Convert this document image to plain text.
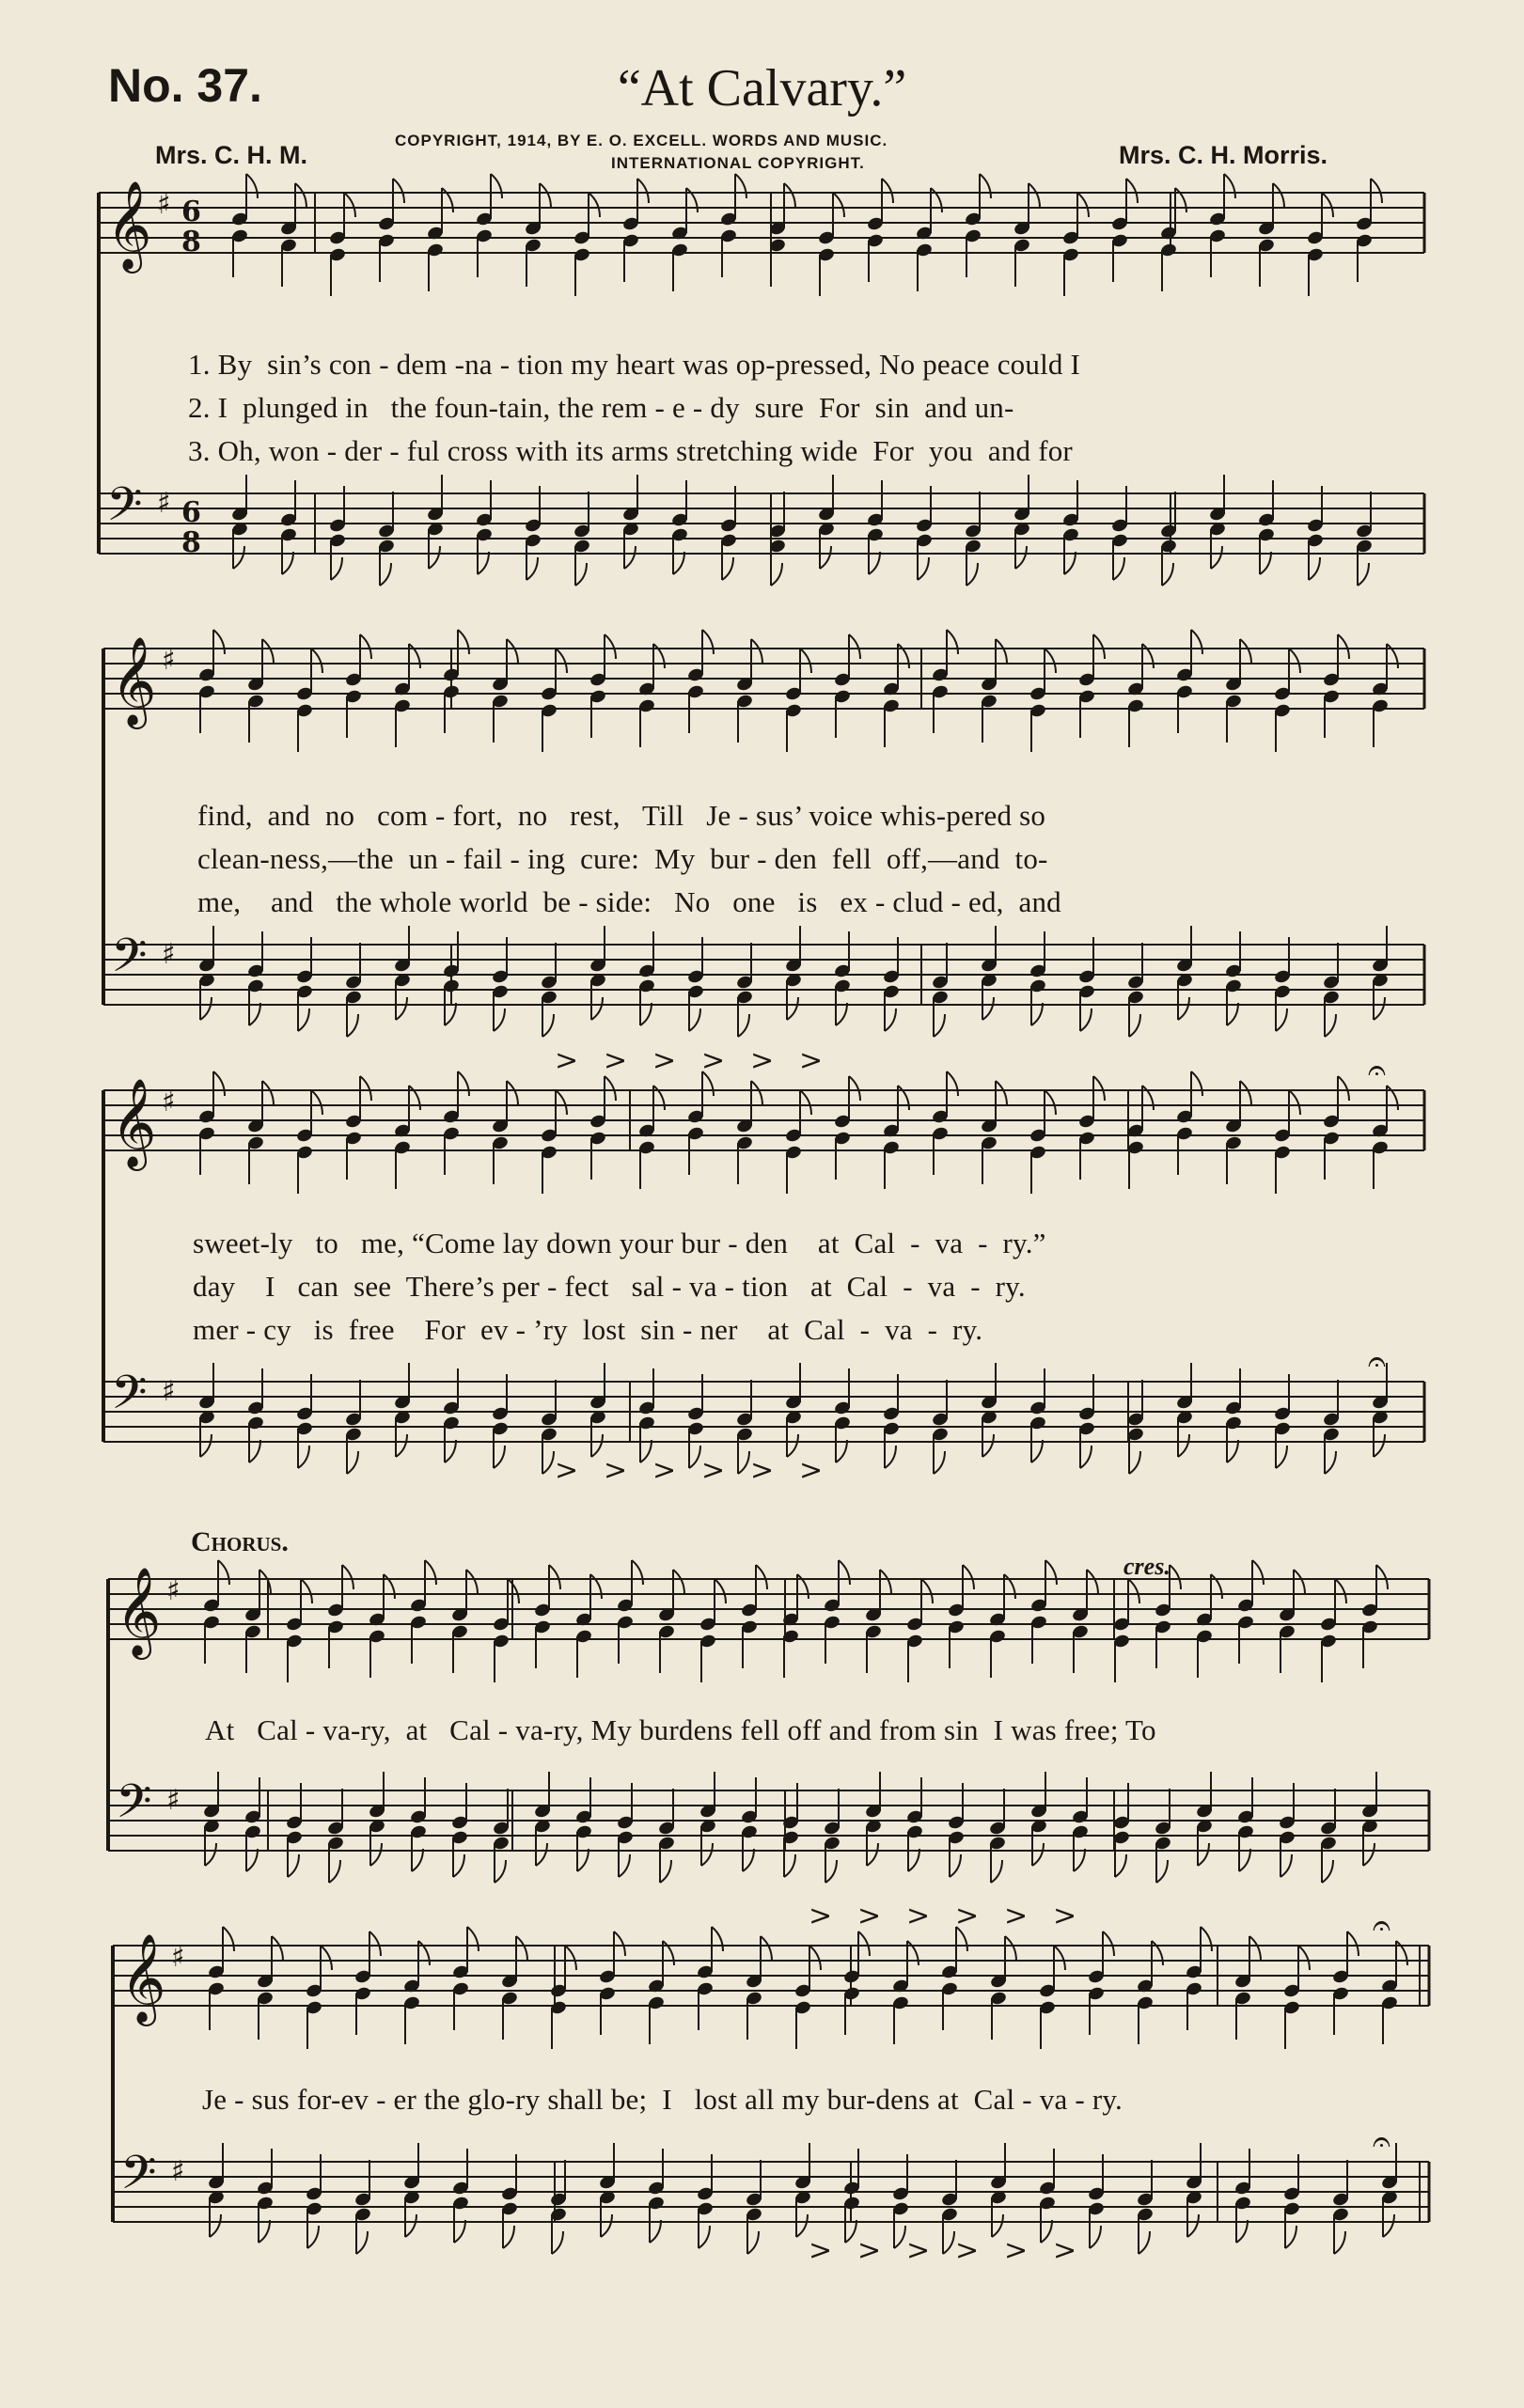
No. 37.	“At Calvary.”
Mrs. C. H. M.	Mrs. C. H. Morris.
COPYRIGHT, 1914, BY E. O. EXCELL. WORDS AND MUSIC.
INTERNATIONAL COPYRIGHT.
𝄞 ♯ 6
8
𝄢 ♯ 6
8
𝄞 ♯
𝄢 ♯
𝄞 ♯
𝄢 ♯
𝄐
𝄐
>
>
>
>
>
>
>
>
>
>
>
>
𝄞 ♯
𝄢 ♯
𝄞 ♯
𝄢 ♯
𝄐
𝄐
>
>
>
>
>
>
>
>
>
>
>
>
1. By  sin’s con - dem -na - tion my heart was op-pressed, No peace could I
2. I  plunged in   the foun-tain, the rem - e - dy  sure  For  sin  and un-
3. Oh, won - der - ful cross with its arms stretching wide  For  you  and for
find,  and  no   com - fort,  no   rest,   Till   Je - sus’ voice whis-pered so
clean-ness,—the  un - fail - ing  cure:  My  bur - den  fell  off,—and  to-
me,    and   the whole world  be - side:   No   one   is   ex - clud - ed,  and
sweet-ly   to   me, “Come lay down your bur - den    at  Cal  -  va  -  ry.”
day    I   can  see  There’s per - fect   sal - va - tion   at  Cal  -  va  -  ry.
mer - cy   is  free    For  ev - ’ry  lost  sin - ner    at  Cal  -  va  -  ry.
Chorus.
cres.
At   Cal - va-ry,  at   Cal - va-ry, My burdens fell off and from sin  I was free; To
Je - sus for-ev - er the glo-ry shall be;  I   lost all my bur-dens at  Cal - va - ry.
